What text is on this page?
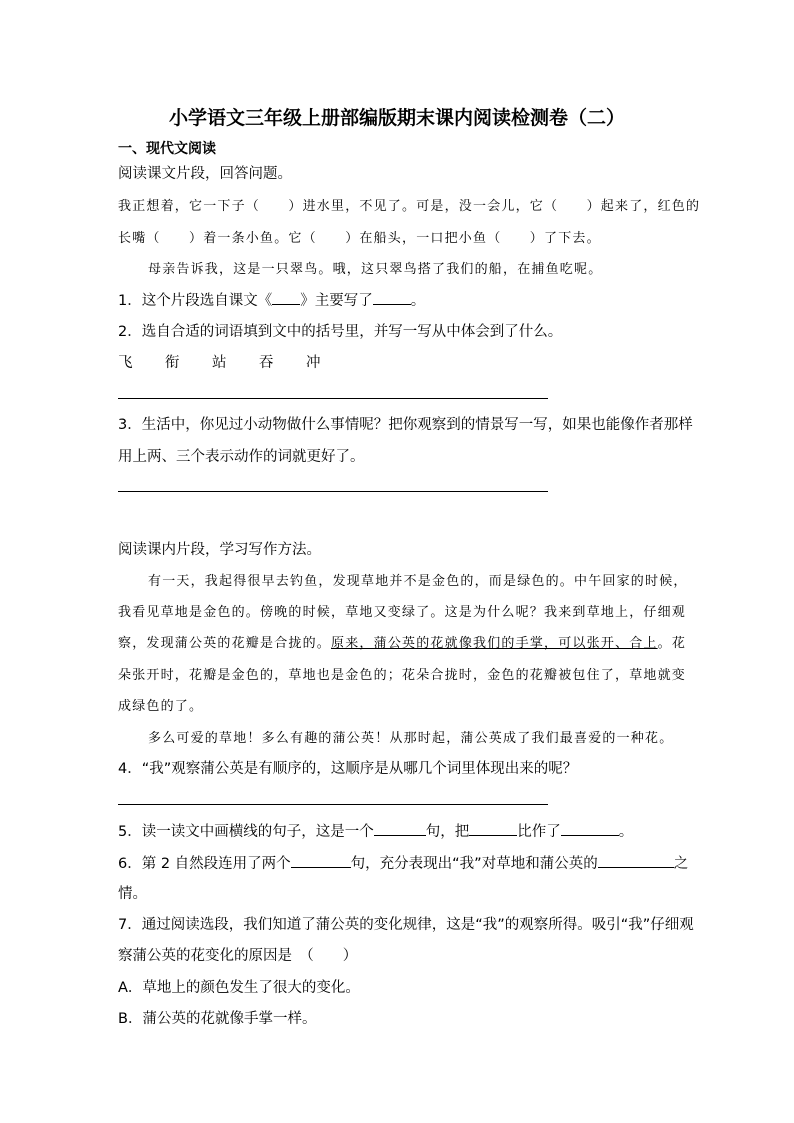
小学语文三年级上册部编版期末课内阅读检测卷（二）
一、现代文阅读
阅读课文片段，回答问题。
我正想着，它一下子（　　）进水里，不见了。可是，没一会儿，它（　　）起来了，红色的
长嘴（　　）着一条小鱼。它（　　）在船头，一口把小鱼（　　）了下去。
母亲告诉我，这是一只翠鸟。哦，这只翠鸟搭了我们的船，在捕鱼吃呢。
1．这个片段选自课文《 》主要写了	。
2．选自合适的词语填到文中的括号里，并写一写从中体会到了什么。
飞 衔 站 吞 冲
3．生活中，你见过小动物做什么事情呢？把你观察到的情景写一写，如果也能像作者那样
用上两、三个表示动作的词就更好了。
阅读课内片段，学习写作方法。
有一天，我起得很早去钓鱼，发现草地并不是金色的，而是绿色的。中午回家的时候，
我看见草地是金色的。傍晚的时候，草地又变绿了。这是为什么呢？我来到草地上，仔细观
察，发现蒲公英的花瓣是合拢的。原来，蒲公英的花就像我们的手掌，可以张开、合上。花
朵张开时，花瓣是金色的，草地也是金色的；花朵合拢时，金色的花瓣被包住了，草地就变
成绿色的了。
多么可爱的草地！多么有趣的蒲公英！从那时起，蒲公英成了我们最喜爱的一种花。
4．“我”观察蒲公英是有顺序的，这顺序是从哪几个词里体现出来的呢？
5．读一读文中画横线的句子，这是一个	句，把	比作了	。
6．第 2 自然段连用了两个	句，充分表现出“我”对草地和蒲公英的	之
情。
7．通过阅读选段，我们知道了蒲公英的变化规律，这是“我”的观察所得。吸引“我”仔细观
察蒲公英的花变化的原因是　（　　）
A．草地上的颜色发生了很大的变化。
B．蒲公英的花就像手掌一样。
